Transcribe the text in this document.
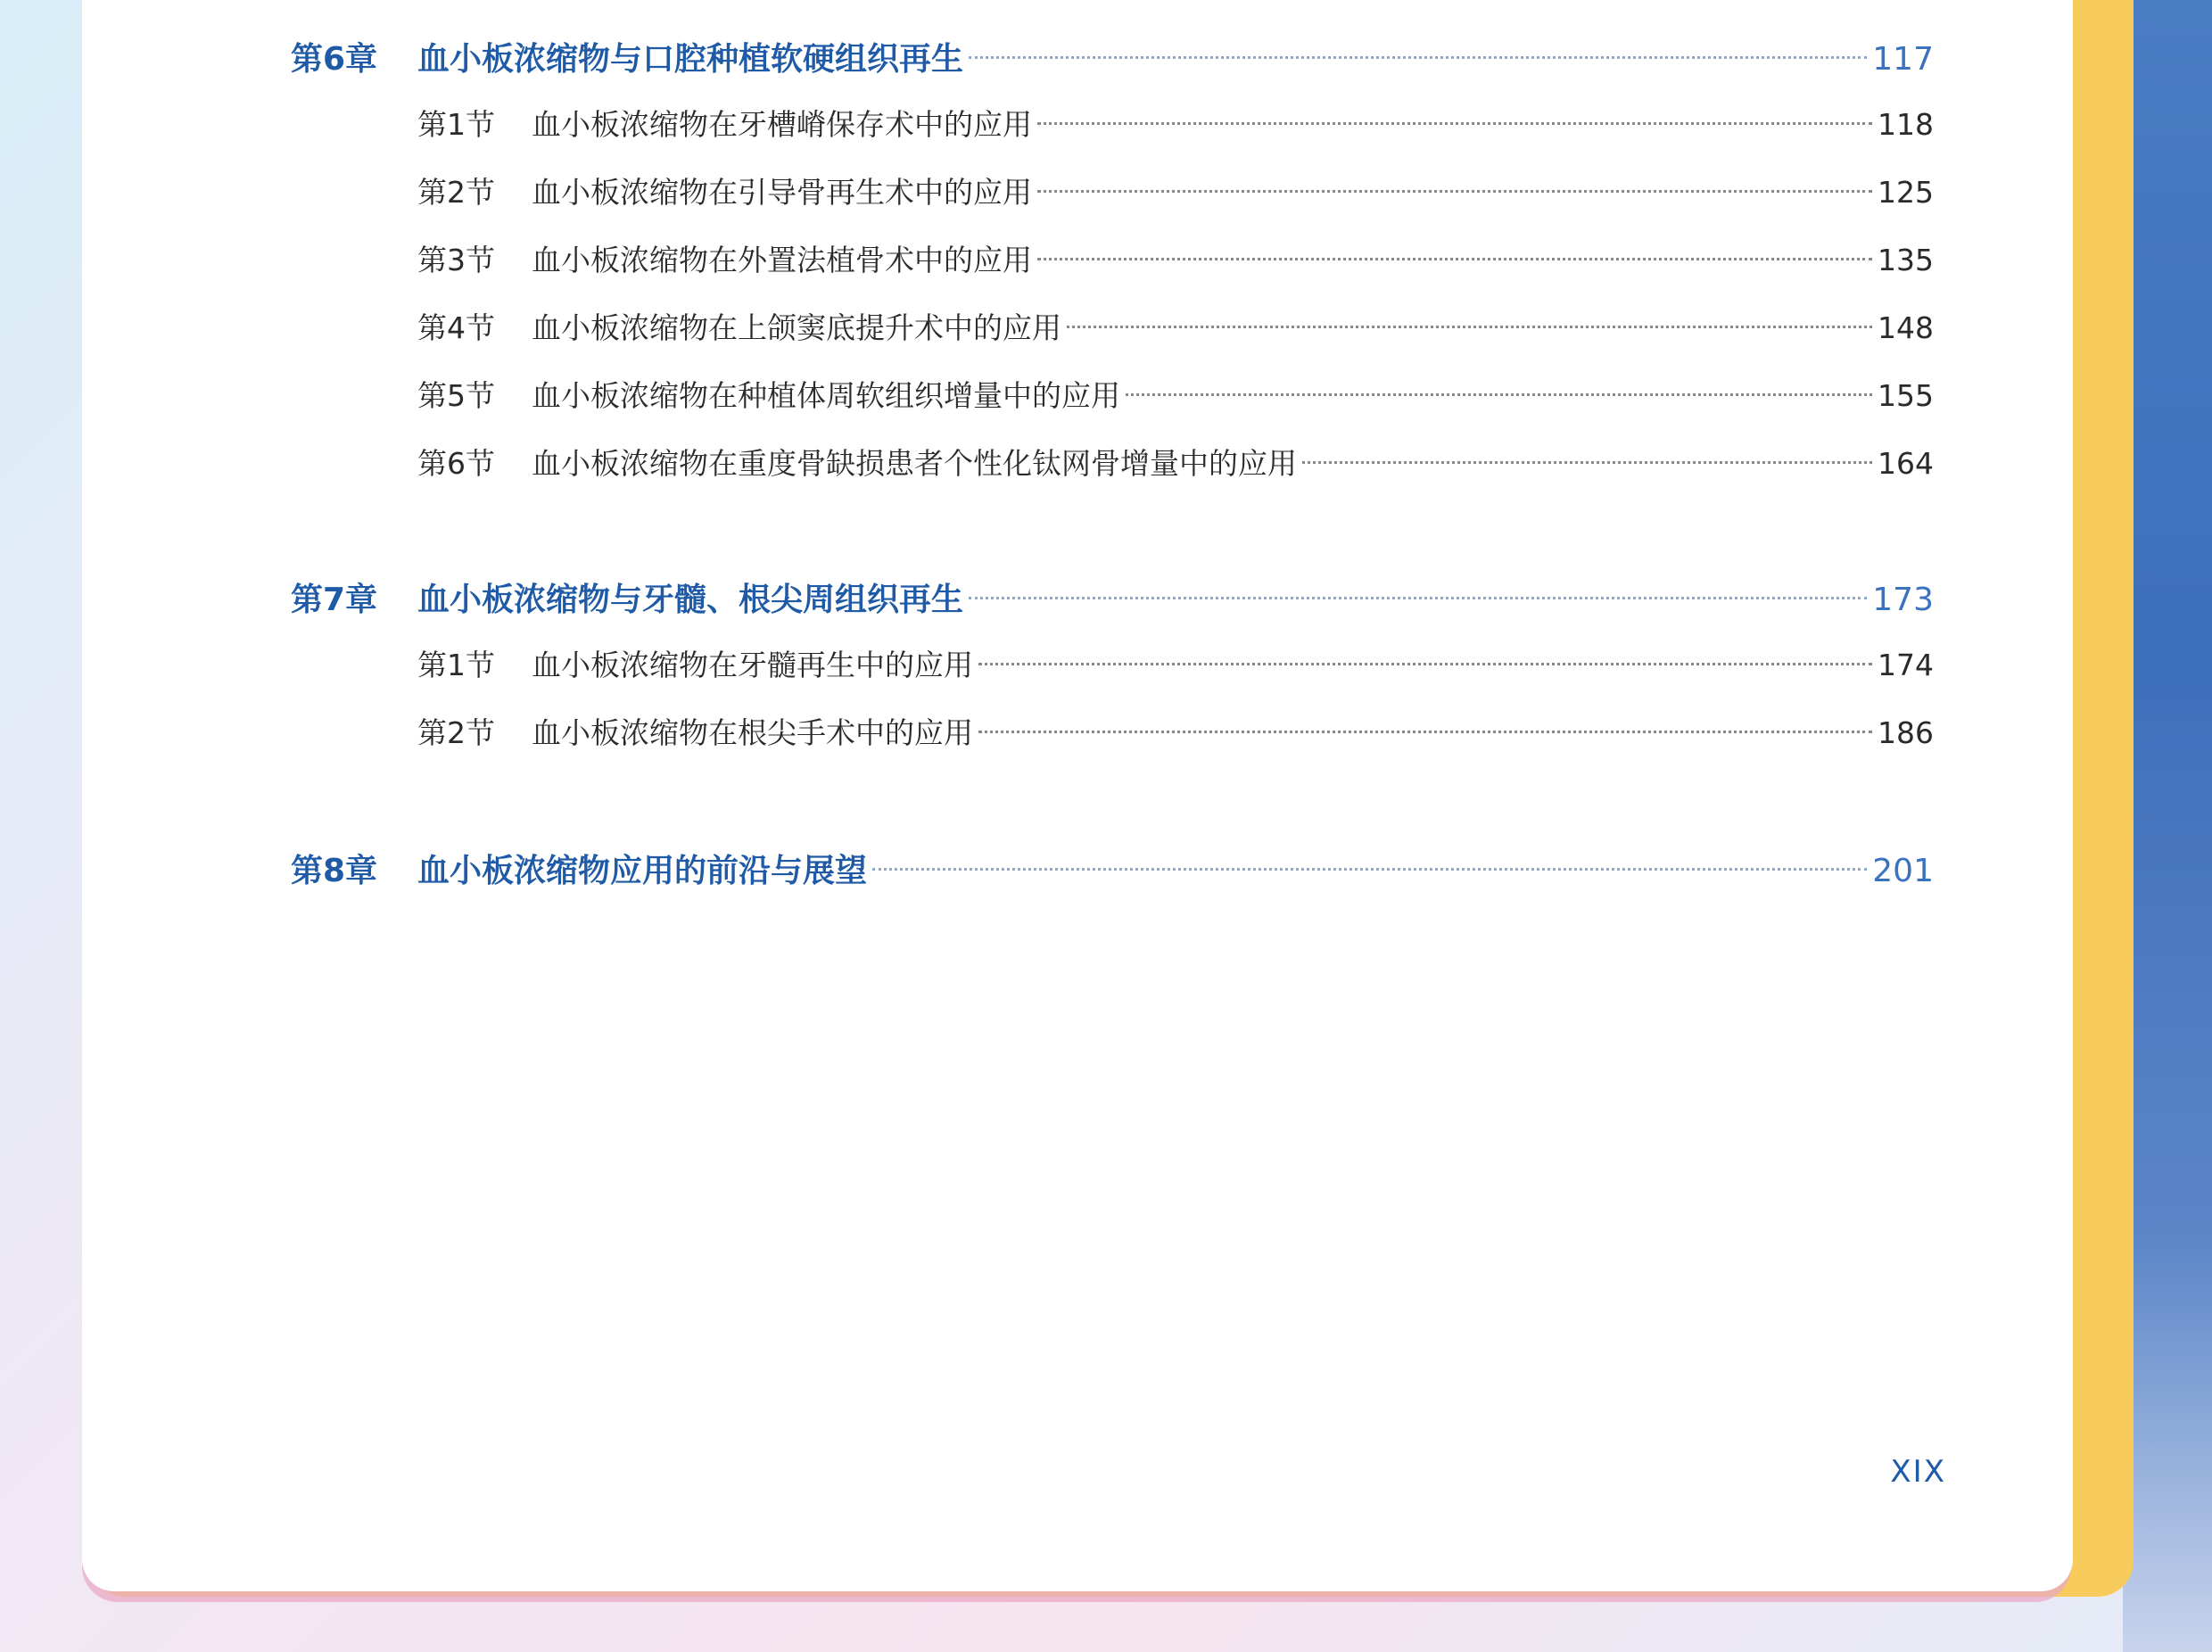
第6章	血小板浓缩物与口腔种植软硬组织再生	117
第1节	血小板浓缩物在牙槽嵴保存术中的应用	118
第2节	血小板浓缩物在引导骨再生术中的应用	125
第3节	血小板浓缩物在外置法植骨术中的应用	135
第4节	血小板浓缩物在上颌窦底提升术中的应用	148
第5节	血小板浓缩物在种植体周软组织增量中的应用	155
第6节	血小板浓缩物在重度骨缺损患者个性化钛网骨增量中的应用	164
第7章	血小板浓缩物与牙髓、根尖周组织再生	173
第1节	血小板浓缩物在牙髓再生中的应用	174
第2节	血小板浓缩物在根尖手术中的应用	186
第8章	血小板浓缩物应用的前沿与展望	201
XIX
